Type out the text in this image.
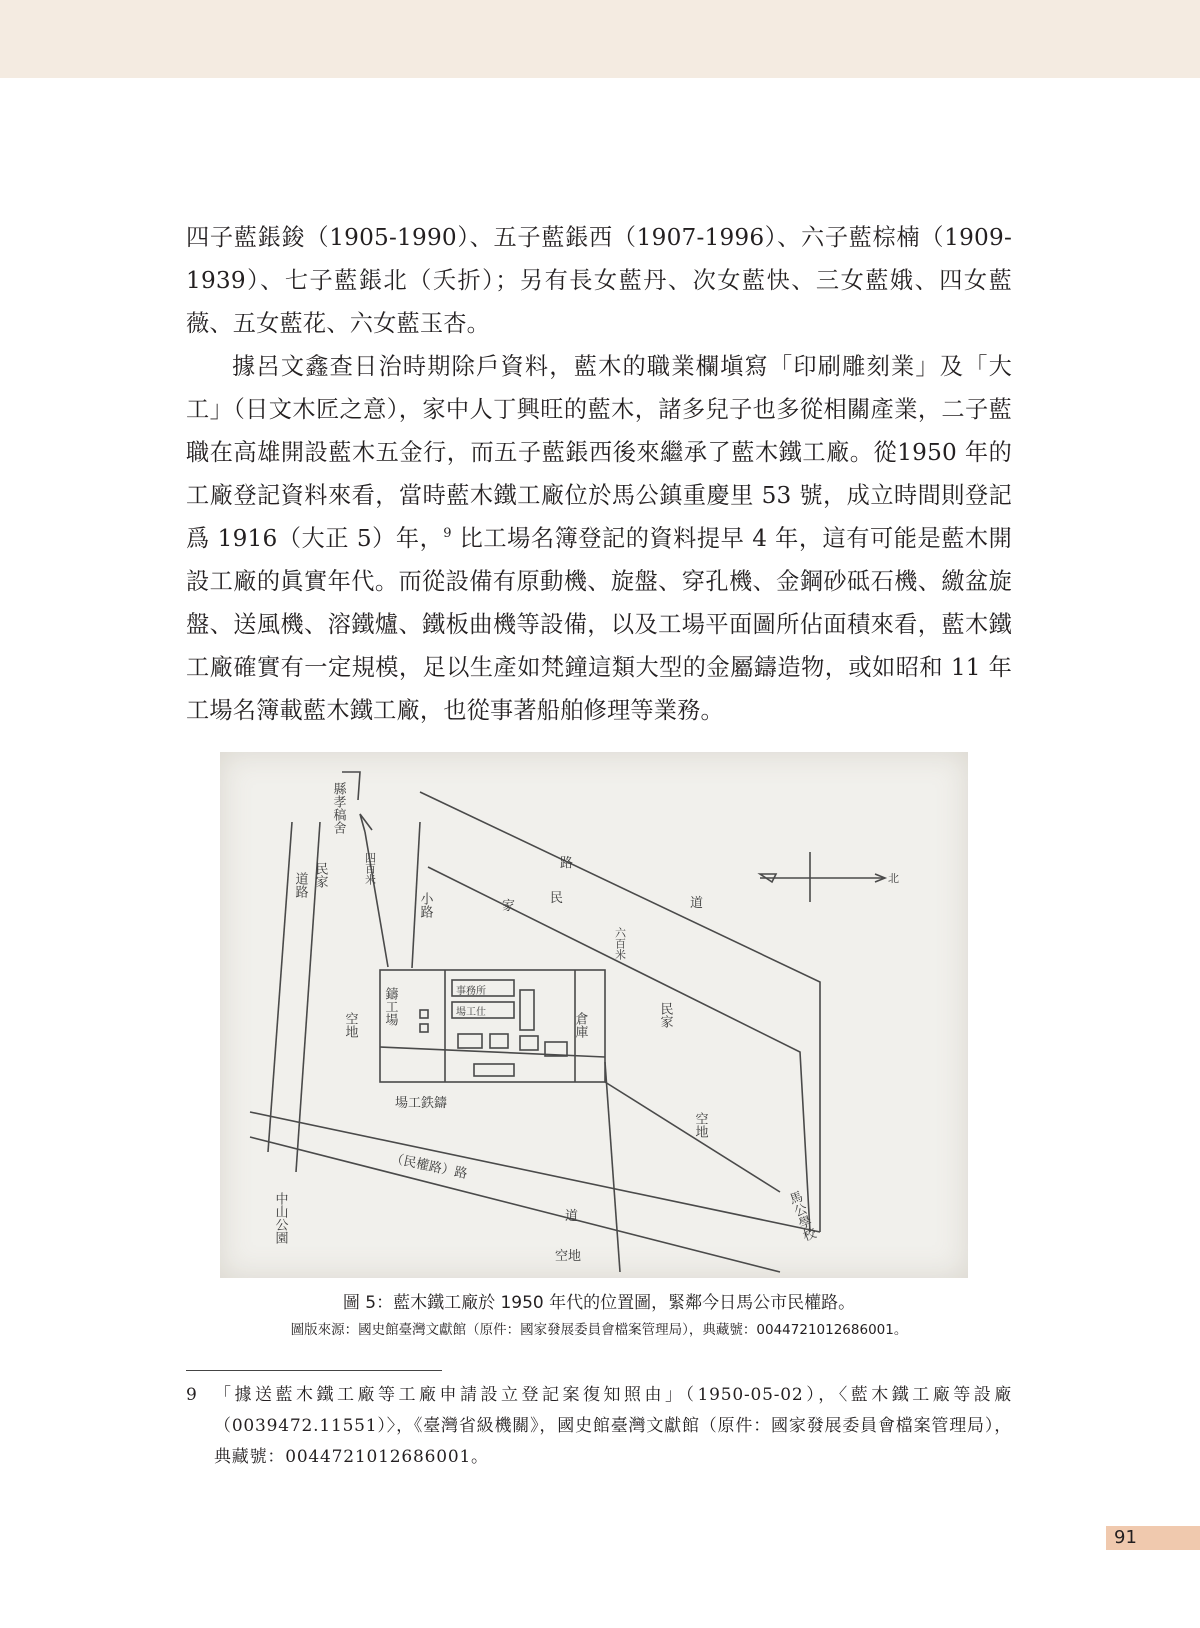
四子藍鋹鋑（1905-1990）、五子藍鋹西（1907-1996）、六子藍棕楠（1909-1939）、七子藍鋹北（夭折）；另有長女藍丹、次女藍快、三女藍娥、四女藍薇、五女藍花、六女藍玉杏。

據呂文鑫查日治時期除戶資料，藍木的職業欄塡寫「印刷雕刻業」及「大工」（日文木匠之意），家中人丁興旺的藍木，諸多兒子也多從相關產業，二子藍職在高雄開設藍木五金行，而五子藍鋹西後來繼承了藍木鐵工廠。從1950 年的工廠登記資料來看，當時藍木鐵工廠位於馬公鎮重慶里 53 號，成立時間則登記爲 1916（大正 5）年，$^9$ 比工場名簿登記的資料提早 4 年，這有可能是藍木開設工廠的眞實年代。而從設備有原動機、旋盤、穿孔機、金鋼砂砥石機、繳盆旋盤、送風機、溶鐵爐、鐵板曲機等設備，以及工場平面圖所佔面積來看，藍木鐵工廠確實有一定規模，足以生產如梵鐘這類大型的金屬鑄造物，或如昭和 11 年工場名簿載藍木鐵工廠，也從事著船舶修理等業務。

縣孝稿舍
道路
小路
民家
家
民
民家
道
路
鑄工場	倉庫
事務所
場工仕
空地
空地
場工鉄鑄
（民權路）路
中山公園	道
空地
馬公學校
北
四百米
六百米
圖 5：藍木鐵工廠於 1950 年代的位置圖，緊鄰今日馬公市民權路。
圖版來源：國史館臺灣文獻館（原件：國家發展委員會檔案管理局），典藏號：0044721012686001。
9 「據送藍木鐵工廠等工廠申請設立登記案復知照由」（1950-05-02），〈藍木鐵工廠等設廠（0039472.11551）〉，《臺灣省級機關》，國史館臺灣文獻館（原件：國家發展委員會檔案管理局），典藏號：0044721012686001。
91
